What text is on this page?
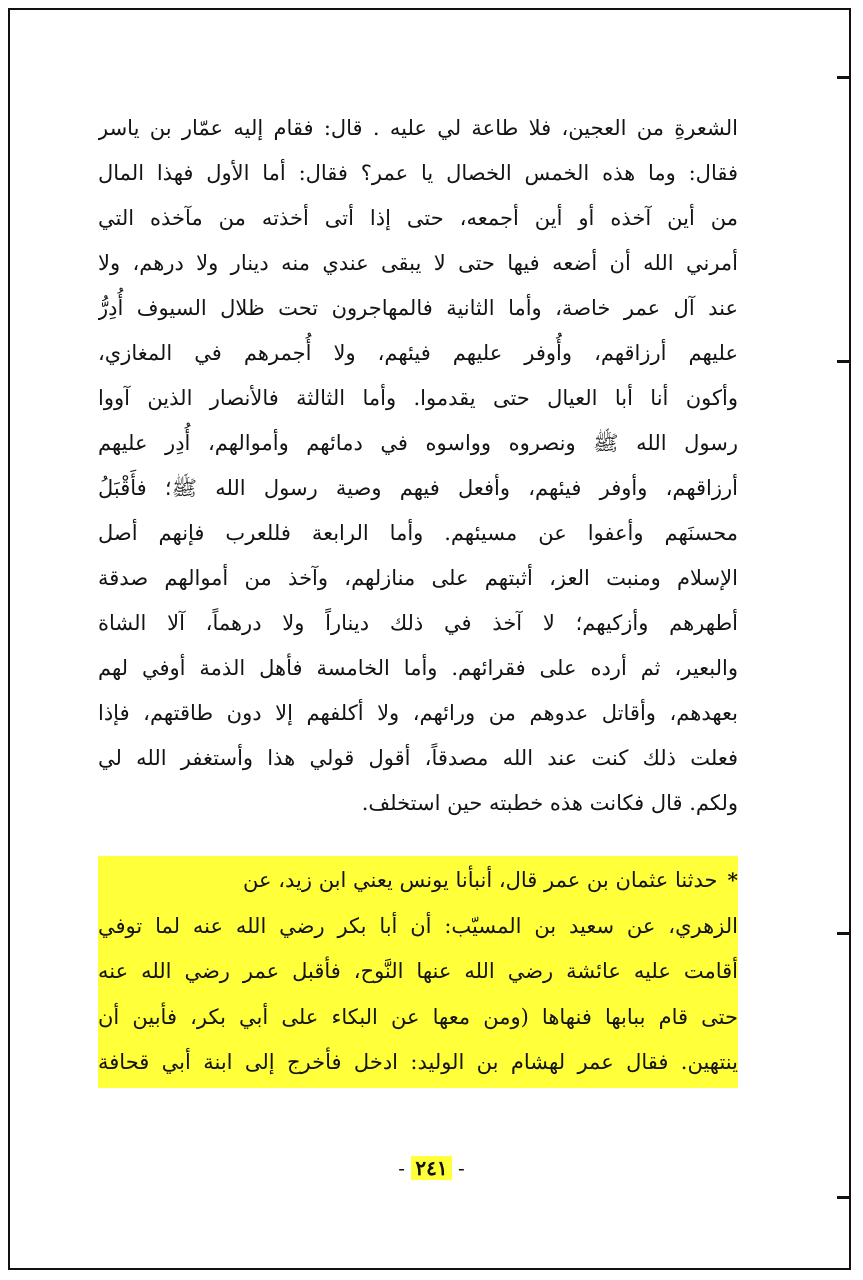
الشعرةِ من العجين، فلا طاعة لي عليه . قال: فقام إليه عمّار بن ياسر
فقال: وما هذه الخمس الخصال يا عمر؟ فقال: أما الأول فهذا المال
من أين آخذه أو أين أجمعه، حتى إذا أتى أخذته من مآخذه التي
أمرني الله أن أضعه فيها حتى لا يبقى عندي منه دينار ولا درهم، ولا
عند آل عمر خاصة، وأما الثانية فالمهاجرون تحت ظلال السيوف أُدِرُّ
عليهم أرزاقهم، وأُوفر عليهم فيئهم، ولا أُجمرهم في المغازي،
وأكون أنا أبا العيال حتى يقدموا. وأما الثالثة فالأنصار الذين آووا
رسول الله ﷺ ونصروه وواسوه في دمائهم وأموالهم، أُدِر عليهم
أرزاقهم، وأوفر فيئهم، وأفعل فيهم وصية رسول الله ﷺ؛ فأَقْبَلُ
محسنَهم وأعفوا عن مسيئهم. وأما الرابعة فللعرب فإنهم أصل
الإسلام ومنبت العز، أثبتهم على منازلهم، وآخذ من أموالهم صدقة
أطهرهم وأزكيهم؛ لا آخذ في ذلك ديناراً ولا درهماً، آلا الشاة
والبعير، ثم أرده على فقرائهم. وأما الخامسة فأهل الذمة أوفي لهم
بعهدهم، وأقاتل عدوهم من ورائهم، ولا أكلفهم إلا دون طاقتهم، فإذا
فعلت ذلك كنت عند الله مصدقاً، أقول قولي هذا وأستغفر الله لي
ولكم. قال فكانت هذه خطبته حين استخلف.
*
حدثنا عثمان بن عمر قال، أنبأنا يونس يعني ابن زيد، عن
الزهري، عن سعيد بن المسيّب: أن أبا بكر رضي الله عنه لما توفي
أقامت عليه عائشة رضي الله عنها النَّوح، فأقبل عمر رضي الله عنه
حتى قام ببابها فنهاها (ومن معها عن البكاء على أبي بكر، فأبين أن
ينتهين. فقال عمر لهشام بن الوليد: ادخل فأخرج إلى ابنة أبي قحافة
- ٢٤١ -
